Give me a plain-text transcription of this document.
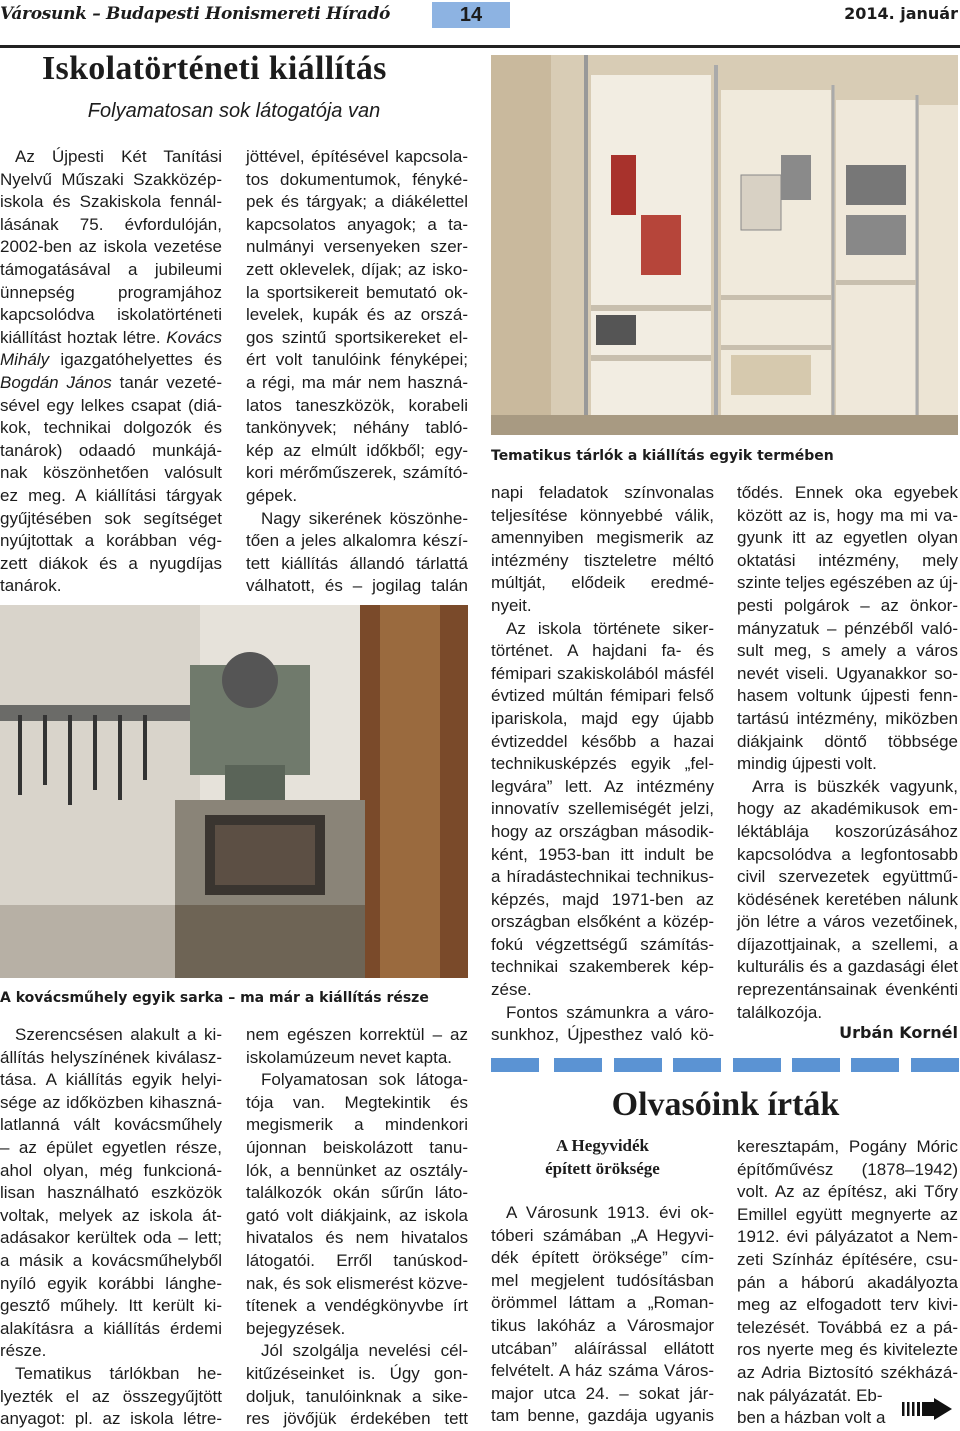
Városunk – Budapesti Honismereti Híradó	14	2014. január
Iskolatörténeti kiállítás
Folyamatosan sok látogatója van
Tematikus tárlók a kiállítás egyik termében
A kovácsműhely egyik sarka – ma már a kiállítás része
Az Újpesti Két Tanítási
Nyelvű Műszaki Szakközép-
iskola és Szakiskola fennál-
lásának 75. évfordulóján,
2002-ben az iskola vezetése
támogatásával a jubileumi
ünnepség programjához
kapcsolódva iskolatörténeti
kiállítást hoztak létre. Kovács
Mihály igazgatóhelyettes és
Bogdán János tanár vezeté-
sével egy lelkes csapat (diá-
kok, technikai dolgozók és
tanárok) odaadó munkájá-
nak köszönhetően valósult
ez meg. A kiállítási tárgyak
gyűjtésében sok segítséget
nyújtottak a korábban vég-
zett diákok és a nyugdíjas
tanárok.
jöttével, építésével kapcsola-
tos dokumentumok, fényké-
pek és tárgyak; a diákélettel
kapcsolatos anyagok; a ta-
nulmányi versenyeken szer-
zett oklevelek, díjak; az isko-
la sportsikereit bemutató ok-
levelek, kupák és az orszá-
gos szintű sportsikereket el-
ért volt tanulóink fényképei;
a régi, ma már nem haszná-
latos taneszközök, korabeli
tankönyvek; néhány tabló-
kép az elmúlt időkből; egy-
kori mérőműszerek, számító-
gépek.
Nagy sikerének köszönhe-
tően a jeles alkalomra készí-
tett kiállítás állandó tárlattá
válhatott, és – jogilag talán
Szerencsésen alakult a ki-
állítás helyszínének kiválasz-
tása. A kiállítás egyik helyi-
sége az időközben kihaszná-
latlanná vált kovácsműhely
– az épület egyetlen része,
ahol olyan, még funkcioná-
lisan használható eszközök
voltak, melyek az iskola át-
adásakor kerültek oda – lett;
a másik a kovácsműhelyből
nyíló egyik korábbi lánghe-
gesztő műhely. Itt került ki-
alakításra a kiállítás érdemi
része.
Tematikus tárlókban he-
lyezték el az összegyűjtött
anyagot: pl. az iskola létre-
nem egészen korrektül – az
iskolamúzeum nevet kapta.
Folyamatosan sok látoga-
tója van. Megtekintik és
megismerik a mindenkori
újonnan beiskolázott tanu-
lók, a bennünket az osztály-
találkozók okán sűrűn láto-
gató volt diákjaink, az iskola
hivatalos és nem hivatalos
látogatói. Erről tanúskod-
nak, és sok elismerést közve-
títenek a vendégkönyvbe írt
bejegyzések.
Jól szolgálja nevelési cél-
kitűzéseinket is. Úgy gon-
doljuk, tanulóinknak a sike-
res jövőjük érdekében tett
napi feladatok színvonalas
teljesítése könnyebbé válik,
amennyiben megismerik az
intézmény tiszteletre méltó
múltját, elődeik eredmé-
nyeit.
Az iskola története siker-
történet. A hajdani fa- és
fémipari szakiskolából másfél
évtized múltán fémipari felső
ipariskola, majd egy újabb
évtizeddel később a hazai
technikusképzés egyik „fel-
legvára” lett. Az intézmény
innovatív szellemiségét jelzi,
hogy az országban második-
ként, 1953-ban itt indult be
a híradástechnikai technikus-
képzés, majd 1971-ben az
országban elsőként a közép-
fokú végzettségű számítás-
technikai szakemberek kép-
zése.
Fontos számunkra a váro-
sunkhoz, Újpesthez való kö-
tődés. Ennek oka egyebek
között az is, hogy ma mi va-
gyunk itt az egyetlen olyan
oktatási intézmény, mely
szinte teljes egészében az új-
pesti polgárok – az önkor-
mányzatuk – pénzéből való-
sult meg, s amely a város
nevét viseli. Ugyanakkor so-
hasem voltunk újpesti fenn-
tartású intézmény, miközben
diákjaink döntő többsége
mindig újpesti volt.
Arra is büszkék vagyunk,
hogy az akadémikusok em-
léktáblája koszorúzásához
kapcsolódva a legfontosabb
civil szervezetek együttmű-
ködésének keretében nálunk
jön létre a város vezetőinek,
díjazottjainak, a szellemi, a
kulturális és a gazdasági élet
reprezentánsainak évenkénti
találkozója.
Urbán Kornél
Olvasóink írták
A Hegyvidék
épített öröksége
A Városunk 1913. évi ok-
tóberi számában „A Hegyvi-
dék épített öröksége” cím-
mel megjelent tudósításban
örömmel láttam a „Roman-
tikus lakóház a Városmajor
utcában” aláírással ellátott
felvételt. A ház száma Város-
major utca 24. – sokat jár-
tam benne, gazdája ugyanis
keresztapám, Pogány Móric
építőművész (1878–1942)
volt. Az az építész, aki Tőry
Emillel együtt megnyerte az
1912. évi pályázatot a Nem-
zeti Színház építésére, csu-
pán a háború akadályozta
meg az elfogadott terv kivi-
telezését. Továbbá ez a pá-
ros nyerte meg és kivitelezte
az Adria Biztosító székházá-
nak pályázatát. Eb-
ben a házban volt a
